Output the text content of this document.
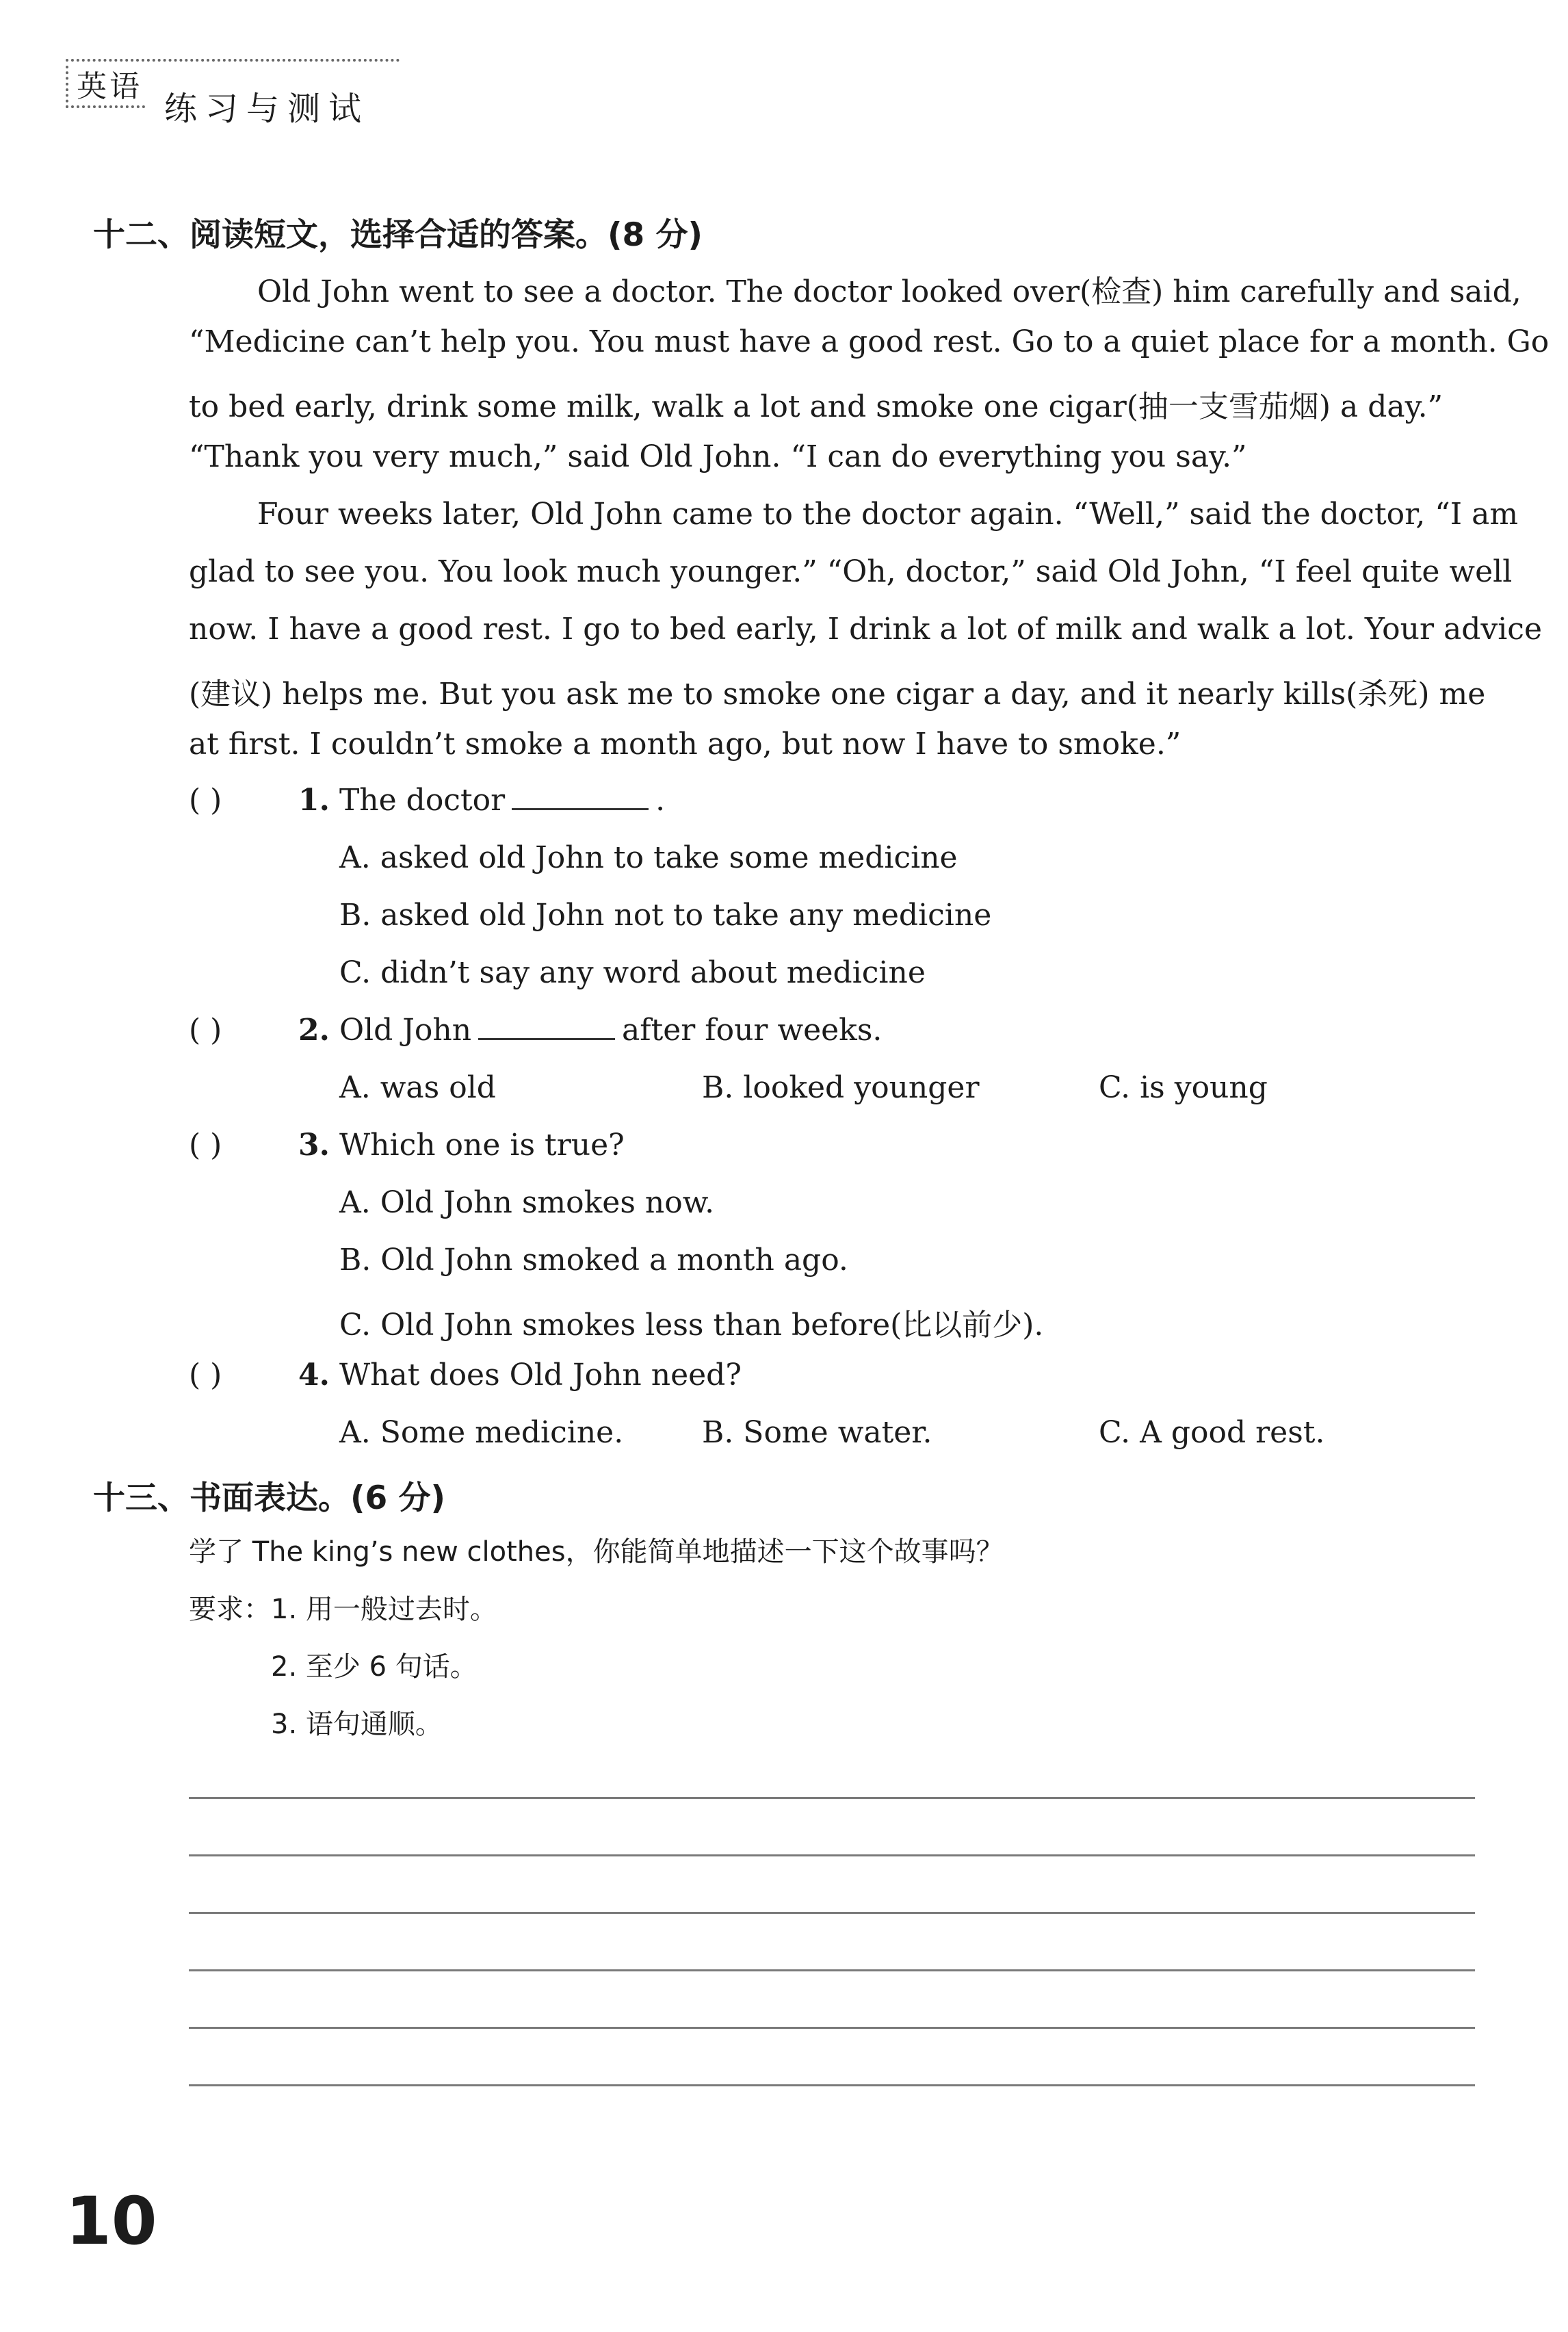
英语
练习与测试
十二、阅读短文，选择合适的答案。(8 分)
Old John went to see a doctor. The doctor looked over(检查) him carefully and said,
“Medicine can’t help you. You must have a good rest. Go to a quiet place for a month. Go
to bed early, drink some milk, walk a lot and smoke one cigar(抽一支雪茄烟) a day.”
“Thank you very much,” said Old John. “I can do everything you say.”
Four weeks later, Old John came to the doctor again. “Well,” said the doctor, “I am
glad to see you. You look much younger.” “Oh, doctor,” said Old John, “I feel quite well
now. I have a good rest. I go to bed early, I drink a lot of milk and walk a lot. Your advice
(建议) helps me. But you ask me to smoke one cigar a day, and it nearly kills(杀死) me
at first. I couldn’t smoke a month ago, but now I have to smoke.”
( )	1. The doctor	.
A. asked old John to take some medicine
B. asked old John not to take any medicine
C. didn’t say any word about medicine
( )	2. Old John	after four weeks.
A. was old	B. looked younger	C. is young
( )	3. Which one is true?
A. Old John smokes now.
B. Old John smoked a month ago.
C. Old John smokes less than before(比以前少).
( )	4. What does Old John need?
A. Some medicine.	B. Some water.	C. A good rest.
十三、书面表达。(6 分)
学了 The king’s new clothes，你能简单地描述一下这个故事吗？
要求：1. 用一般过去时。
2. 至少 6 句话。
3. 语句通顺。
10
